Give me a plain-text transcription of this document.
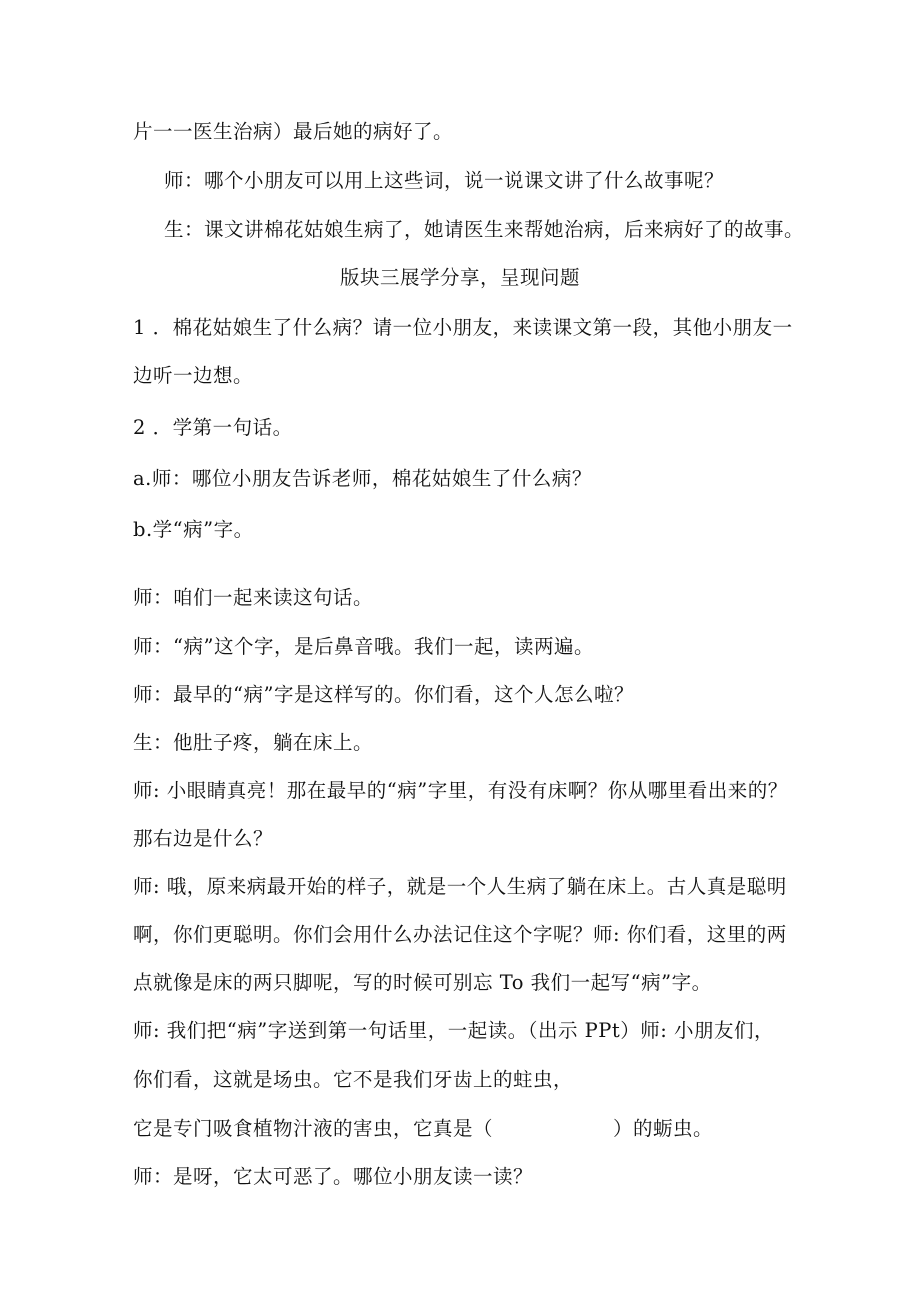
片一一医生治病）最后她的病好了。
师：哪个小朋友可以用上这些词，说一说课文讲了什么故事呢？
生：课文讲棉花姑娘生病了，她请医生来帮她治病，后来病好了的故事。
版块三展学分享，呈现问题
1 ．棉花姑娘生了什么病？请一位小朋友，来读课文第一段，其他小朋友一
边听一边想。
2 ．学第一句话。
a.师：哪位小朋友告诉老师，棉花姑娘生了什么病？
b.学“病”字。
师：咱们一起来读这句话。
师：“病”这个字，是后鼻音哦。我们一起，读两遍。
师：最早的“病”字是这样写的。你们看，这个人怎么啦？
生：他肚子疼，躺在床上。
师: 小眼睛真亮！那在最早的“病”字里，有没有床啊？你从哪里看出来的？
那右边是什么？
师: 哦，原来病最开始的样子，就是一个人生病了躺在床上。古人真是聪明
啊，你们更聪明。你们会用什么办法记住这个字呢？师: 你们看，这里的两
点就像是床的两只脚呢，写的时候可别忘 To 我们一起写“病”字。
师: 我们把“病”字送到第一句话里，一起读。（出示 PPt）师: 小朋友们，
你们看，这就是场虫。它不是我们牙齿上的蛀虫，
它是专门吸食植物汁液的害虫，它真是（　　　　　　）的蛎虫。
师：是呀，它太可恶了。哪位小朋友读一读？
